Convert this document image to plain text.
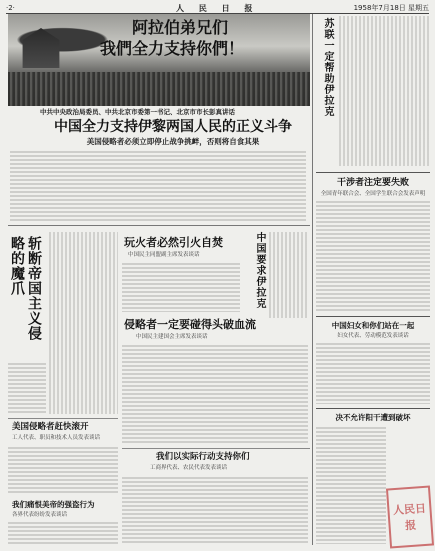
·2·	人 民 日 报	1958年7月18日 星期五
阿拉伯弟兄们
我們全力支持你們！
中共中央政治局委员、中共北京市委第一书记、北京市市长彭真讲话
中国全力支持伊黎两国人民的正义斗争
美国侵略者必须立即停止战争挑衅，否则将自食其果
斩断帝国主义侵略的魔爪	玩火者必然引火自焚
中国民主同盟副主席发表谈话	中国要求伊拉克
侵略者一定要碰得头破血流
中国民主建国会主席发表谈话
我们以实际行动支持你们
工商界代表、农民代表发表谈话
美国侵略者赶快滚开
工人代表、职员和技术人员发表谈话
我们痛恨美帝的强盗行为
各界代表纷纷发表谈话
苏联一定帮助伊拉克
干涉者注定要失败
全国青年联合会、全国学生联合会发表声明
中国妇女和你们站在一起
妇女代表、劳动模范发表谈话
决不允许阳干遭到破坏
人民日报
